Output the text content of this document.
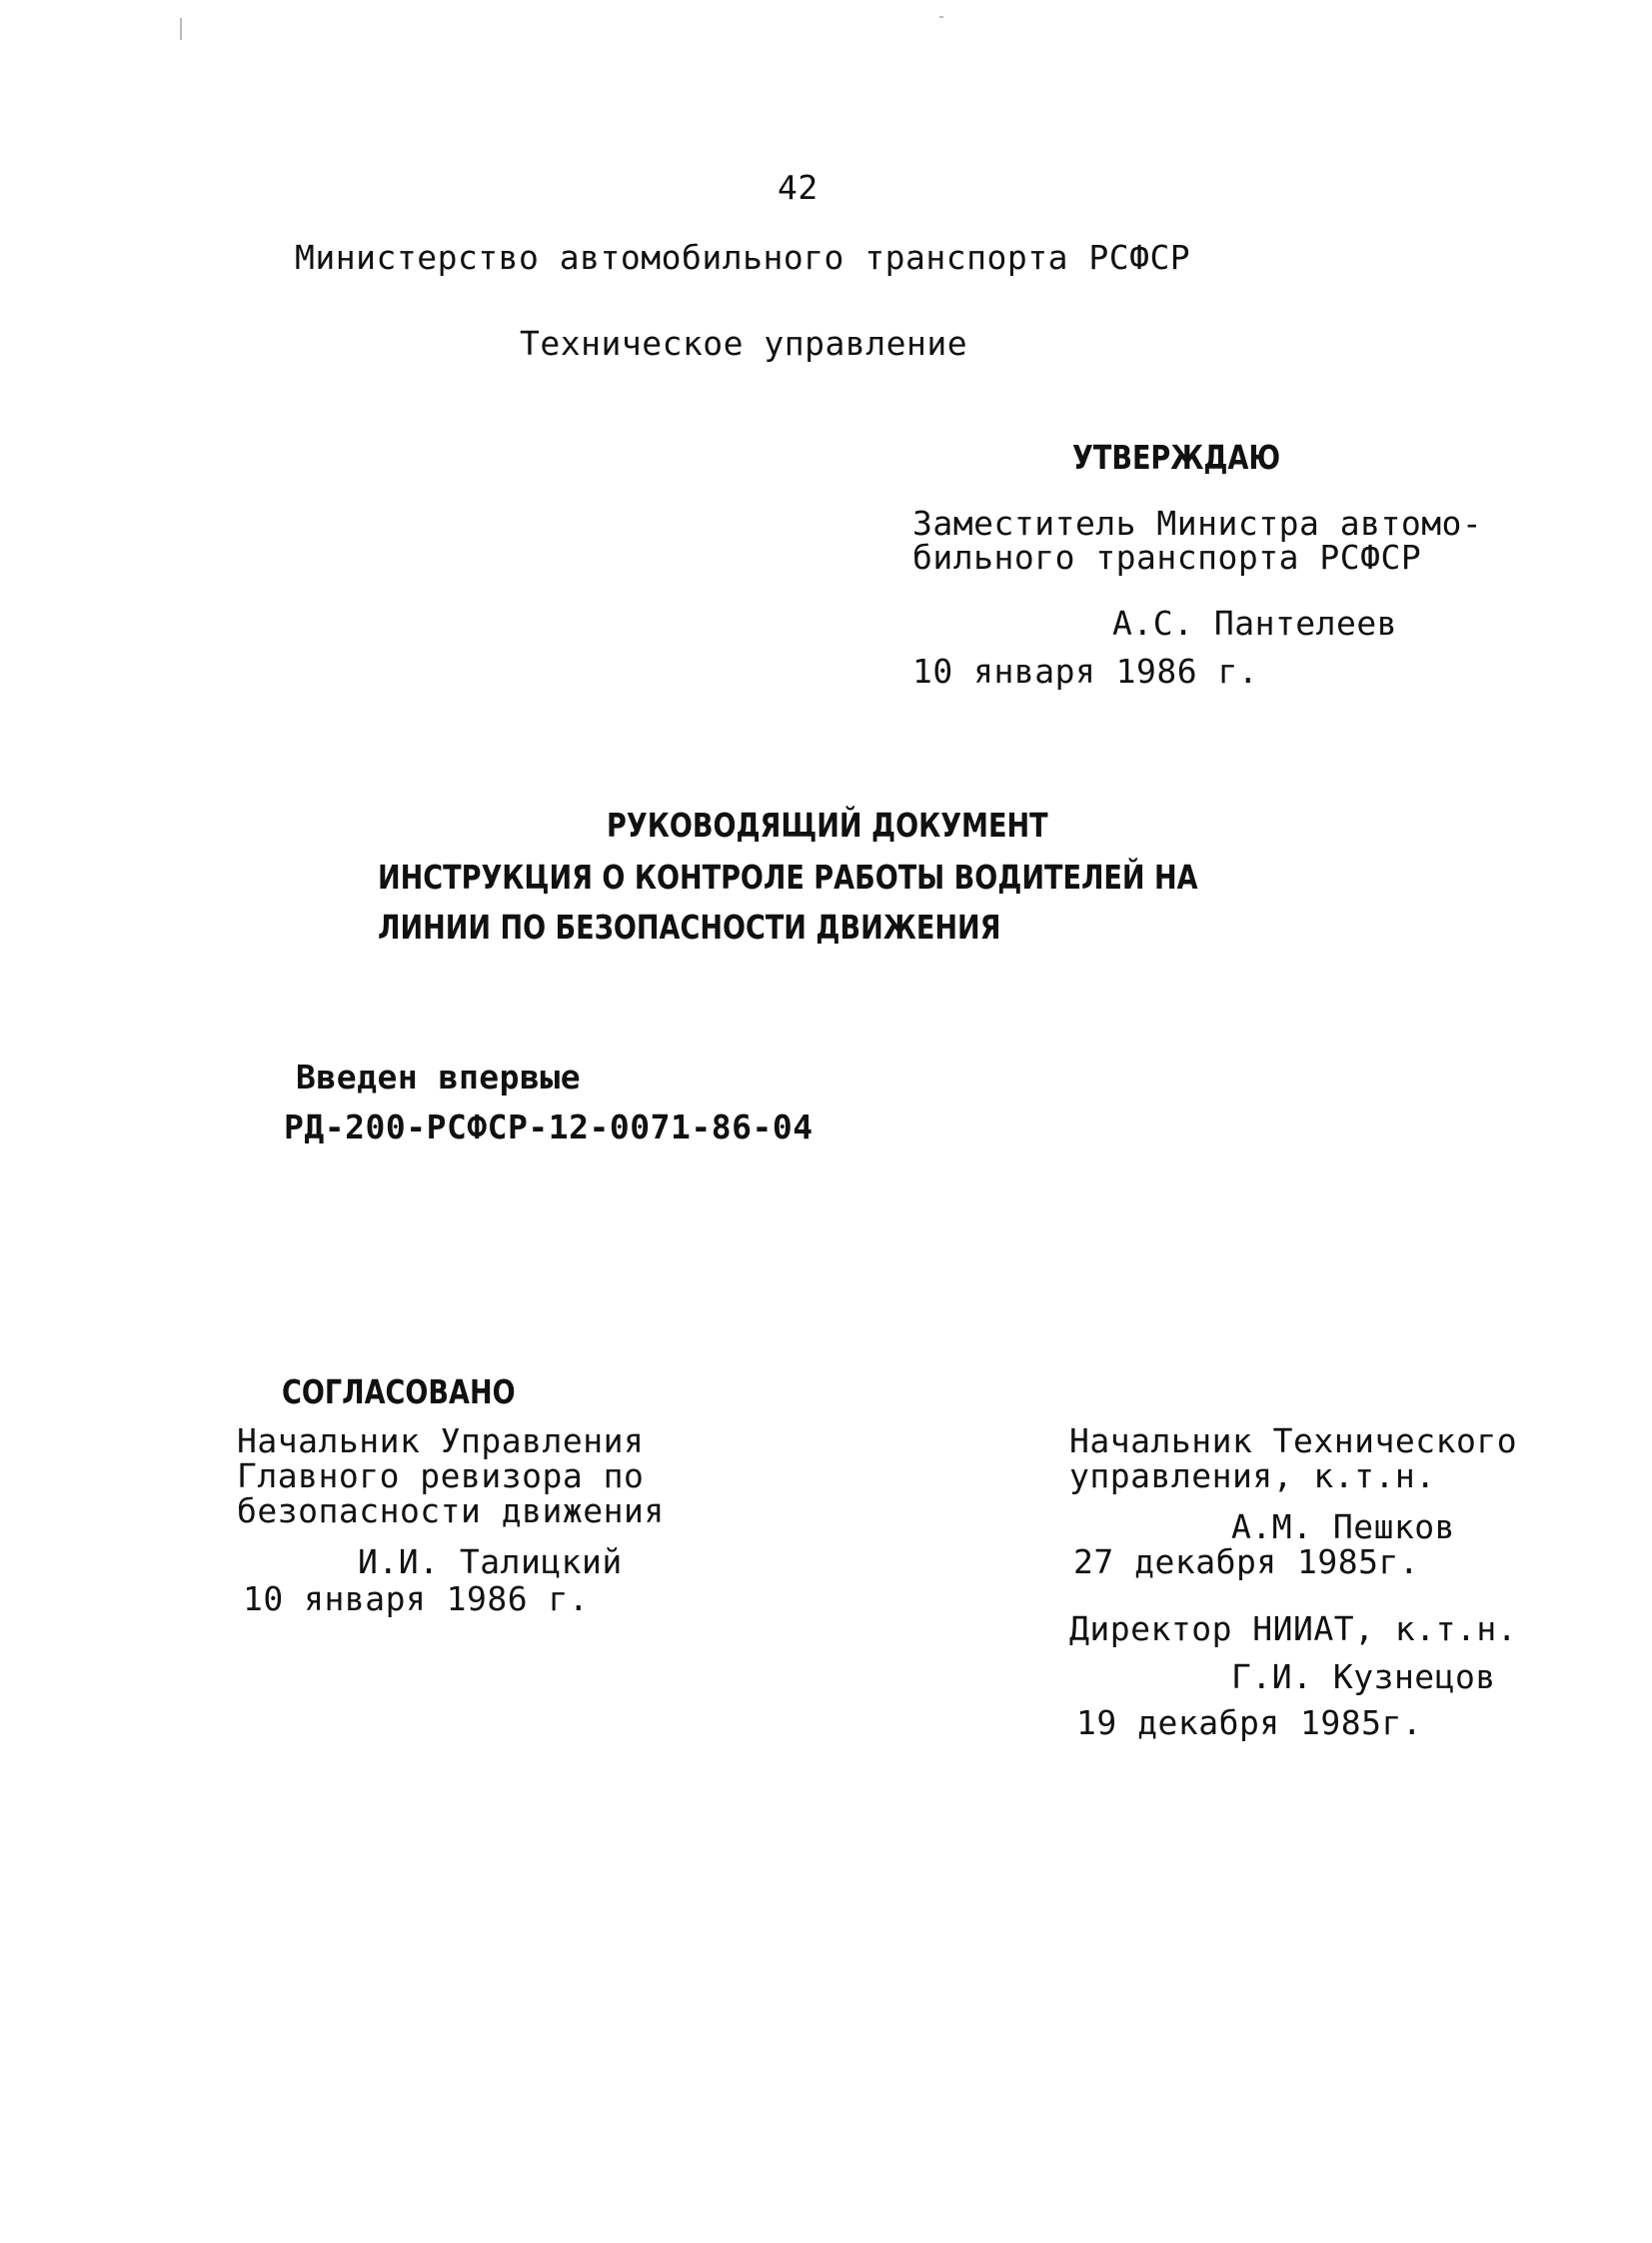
42
Министерство автомобильного транспорта РСФСР
Техническое управление
УТВЕРЖДАЮ
Заместитель Министра автомо-
бильного транспорта РСФСР
А.С. Пантелеев
10 января 1986 г.
РУКОВОДЯЩИЙ ДОКУМЕНТ
ИНСТРУКЦИЯ О КОНТРОЛЕ РАБОТЫ ВОДИТЕЛЕЙ НА
ЛИНИИ ПО БЕЗОПАСНОСТИ ДВИЖЕНИЯ
Введен впервые
РД-200-РСФСР-12-0071-86-04
СОГЛАСОВАНО
Начальник Управления
Главного ревизора по
безопасности движения
И.И. Талицкий
10 января 1986 г.
Начальник Технического
управления, к.т.н.
А.М. Пешков
27 декабря 1985г.
Директор НИИАТ, к.т.н.
Г.И. Кузнецов
19 декабря 1985г.
